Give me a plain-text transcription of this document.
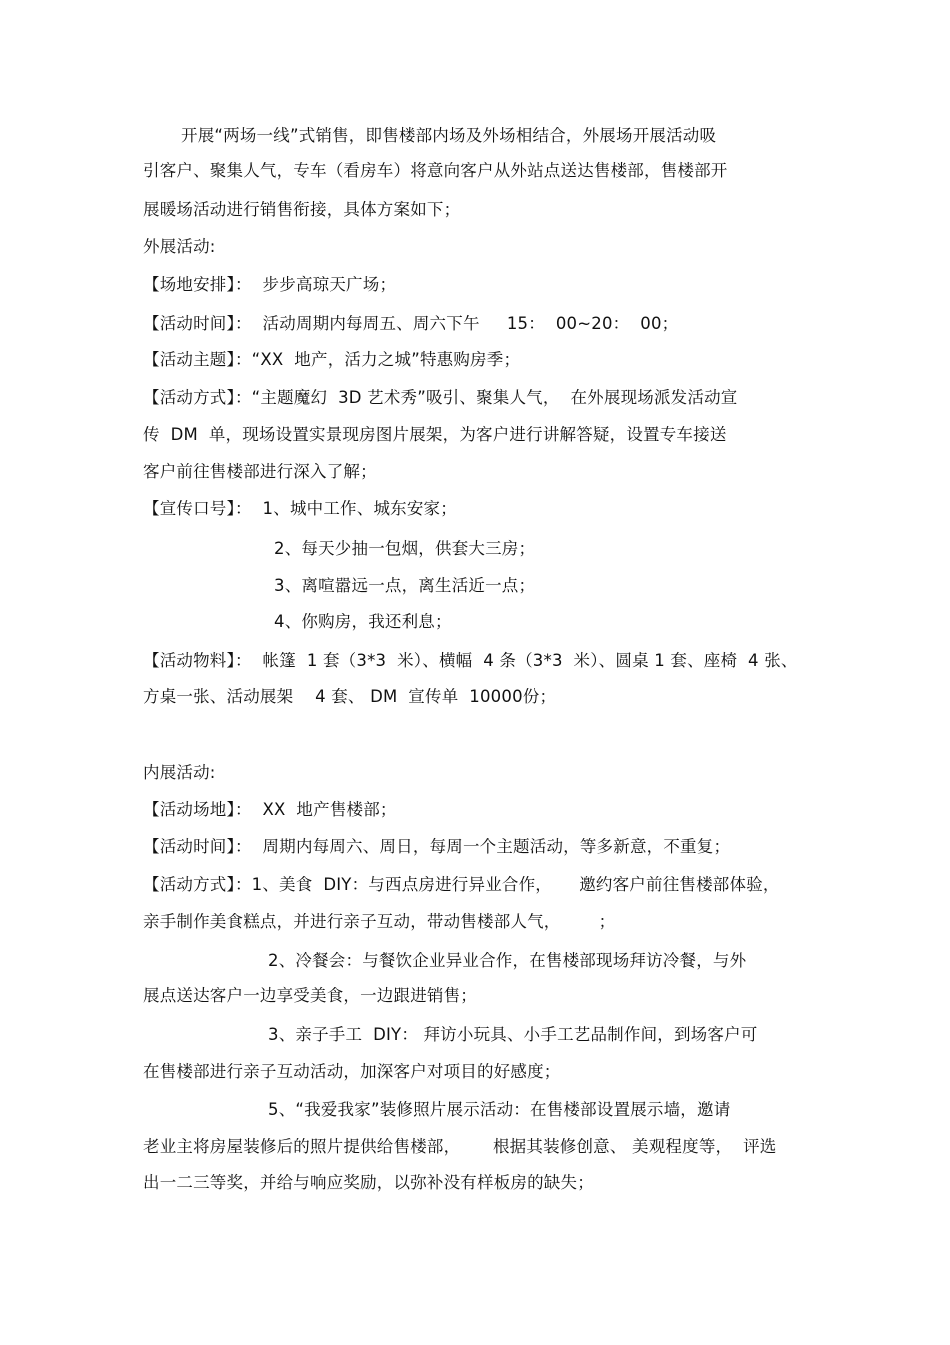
开展“两场一线”式销售，即售楼部内场及外场相结合，外展场开展活动吸
引客户、聚集人气，专车（看房车）将意向客户从外站点送达售楼部，售楼部开
展暖场活动进行销售衔接，具体方案如下；
外展活动:
【场地安排】：  步步高琼天广场；
【活动时间】：  活动周期内每周五、周六下午     15：  00~20：  00；
【活动主题】：“XX  地产，活力之城”特惠购房季；
【活动方式】：“主题魔幻  3D 艺术秀”吸引、聚集人气，  在外展现场派发活动宣
传  DM  单，现场设置实景现房图片展架，为客户进行讲解答疑，设置专车接送
客户前往售楼部进行深入了解；
【宣传口号】：  1、城中工作、城东安家；
2、每天少抽一包烟，供套大三房；
3、离喧嚣远一点，离生活近一点；
4、你购房，我还利息；
【活动物料】：  帐篷  1 套（3*3  米）、横幅  4 条（3*3  米）、圆桌 1 套、座椅  4 张、
方桌一张、活动展架    4 套、 DM  宣传单  10000份；
内展活动:
【活动场地】：  XX  地产售楼部；
【活动时间】：  周期内每周六、周日，每周一个主题活动，等多新意，不重复；
【活动方式】：1、美食  DIY：与西点房进行异业合作，     邀约客户前往售楼部体验，
亲手制作美食糕点，并进行亲子互动，带动售楼部人气，       ；
2、冷餐会：与餐饮企业异业合作，在售楼部现场拜访冷餐，与外
展点送达客户一边享受美食，一边跟进销售；
3、亲子手工  DIY： 拜访小玩具、小手工艺品制作间，到场客户可
在售楼部进行亲子互动活动，加深客户对项目的好感度；
5、“我爱我家”装修照片展示活动：在售楼部设置展示墙，邀请
老业主将房屋装修后的照片提供给售楼部，      根据其装修创意、 美观程度等，  评选
出一二三等奖，并给与响应奖励，以弥补没有样板房的缺失；
